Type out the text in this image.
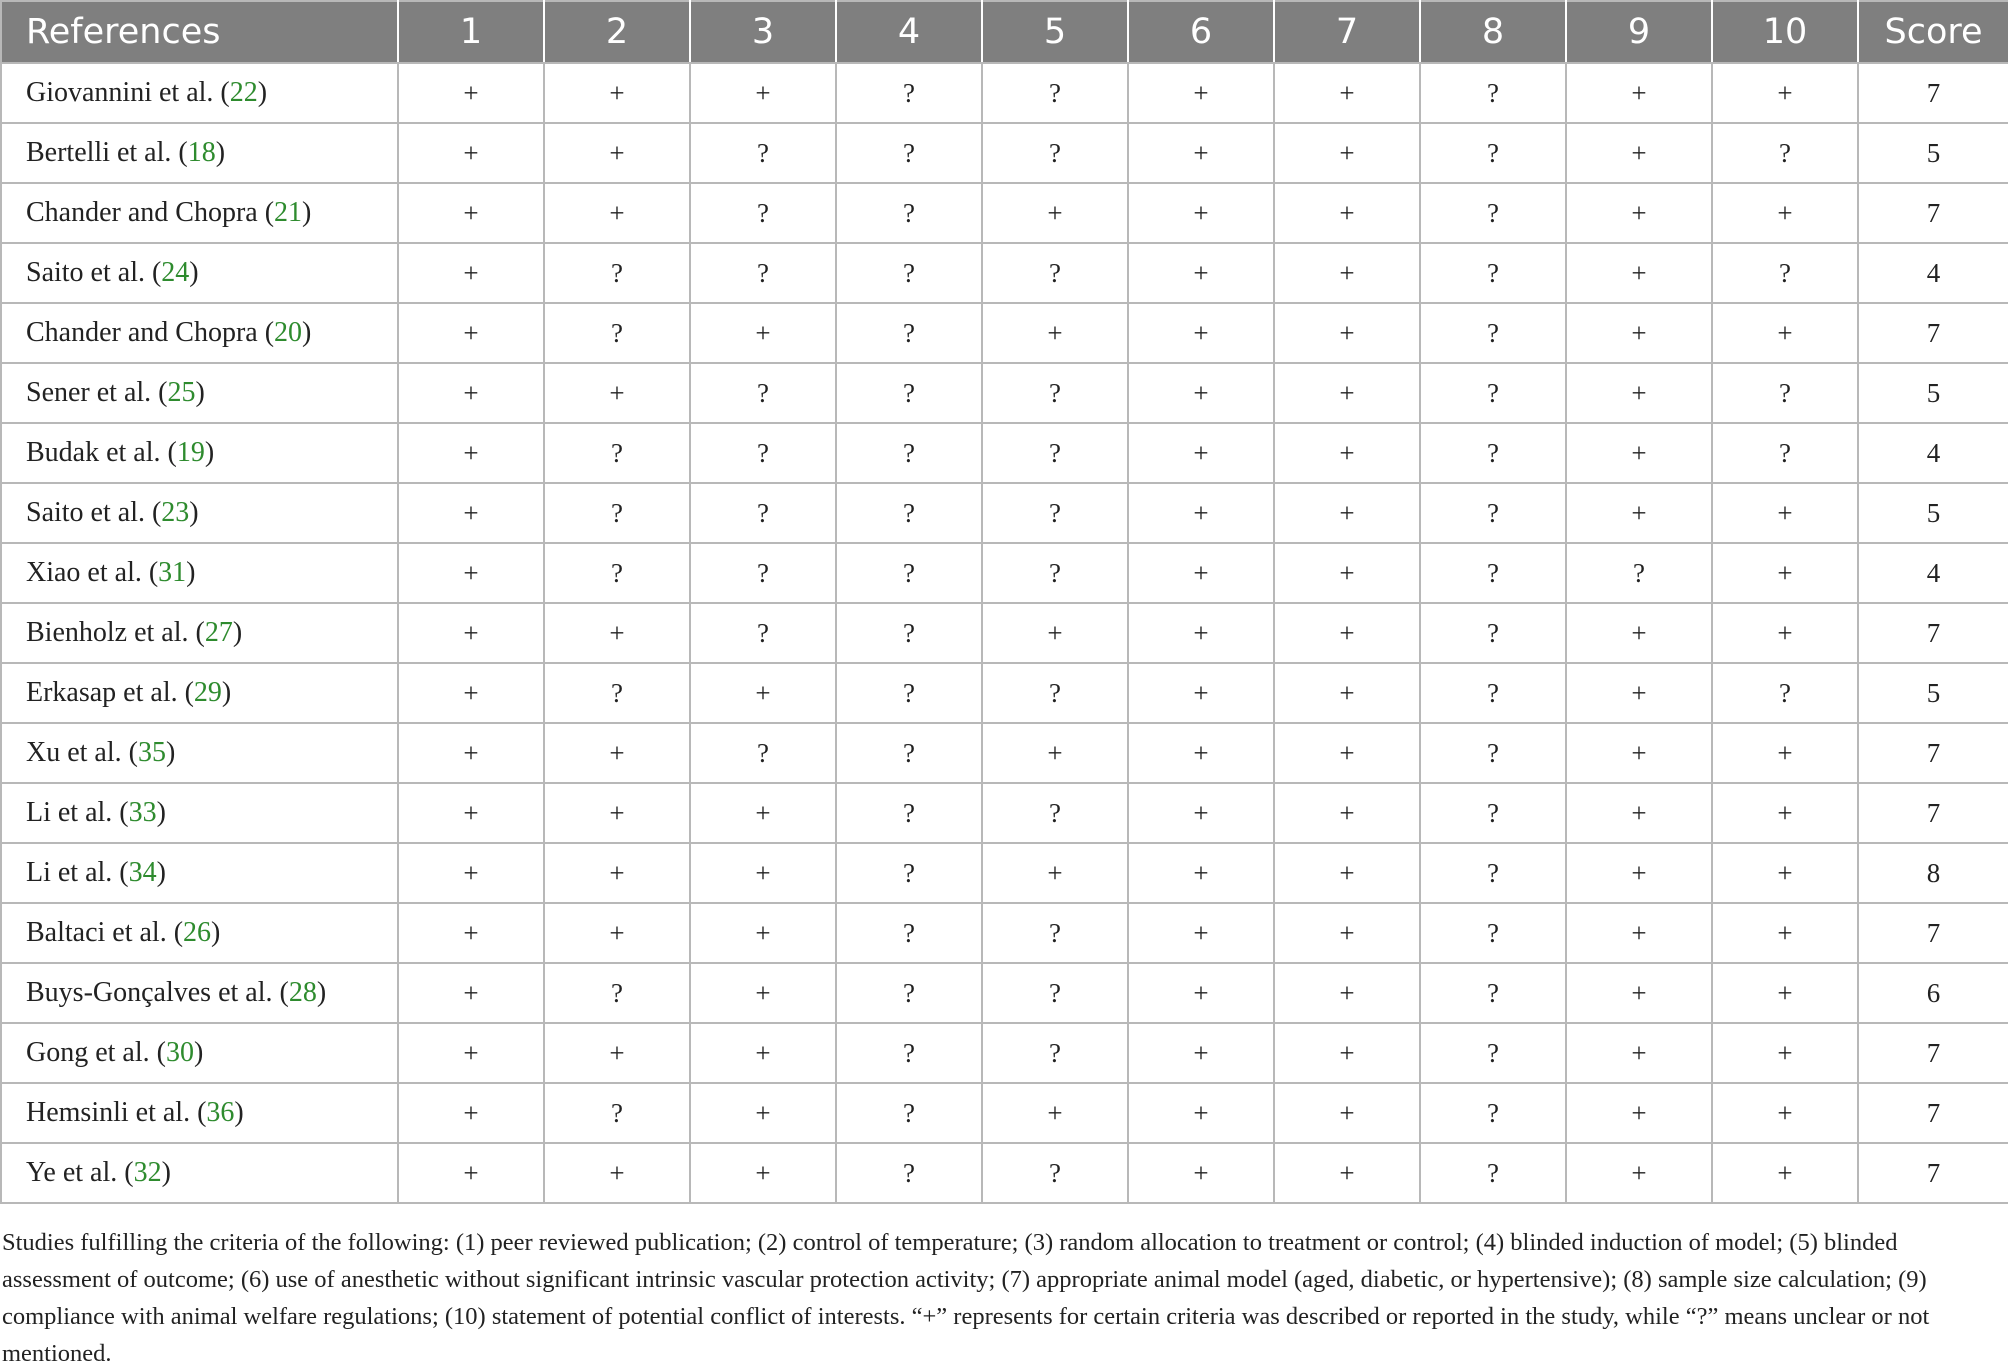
References	1	2	3	4	5	6	7	8	9	10	Score
Giovannini et al. (22)	+	+	+	?	?	+	+	?	+	+	7
Bertelli et al. (18)	+	+	?	?	?	+	+	?	+	?	5
Chander and Chopra (21)	+	+	?	?	+	+	+	?	+	+	7
Saito et al. (24)	+	?	?	?	?	+	+	?	+	?	4
Chander and Chopra (20)	+	?	+	?	+	+	+	?	+	+	7
Sener et al. (25)	+	+	?	?	?	+	+	?	+	?	5
Budak et al. (19)	+	?	?	?	?	+	+	?	+	?	4
Saito et al. (23)	+	?	?	?	?	+	+	?	+	+	5
Xiao et al. (31)	+	?	?	?	?	+	+	?	?	+	4
Bienholz et al. (27)	+	+	?	?	+	+	+	?	+	+	7
Erkasap et al. (29)	+	?	+	?	?	+	+	?	+	?	5
Xu et al. (35)	+	+	?	?	+	+	+	?	+	+	7
Li et al. (33)	+	+	+	?	?	+	+	?	+	+	7
Li et al. (34)	+	+	+	?	+	+	+	?	+	+	8
Baltaci et al. (26)	+	+	+	?	?	+	+	?	+	+	7
Buys-Gonçalves et al. (28)	+	?	+	?	?	+	+	?	+	+	6
Gong et al. (30)	+	+	+	?	?	+	+	?	+	+	7
Hemsinli et al. (36)	+	?	+	?	+	+	+	?	+	+	7
Ye et al. (32)	+	+	+	?	?	+	+	?	+	+	7

Studies fulfilling the criteria of the following: (1) peer reviewed publication; (2) control of temperature; (3) random allocation to treatment or control; (4) blinded induction of model; (5) blinded assessment of outcome; (6) use of anesthetic without significant intrinsic vascular protection activity; (7) appropriate animal model (aged, diabetic, or hypertensive); (8) sample size calculation; (9) compliance with animal welfare regulations; (10) statement of potential conflict of interests. “+” represents for certain criteria was described or reported in the study, while “?” means unclear or not mentioned.
